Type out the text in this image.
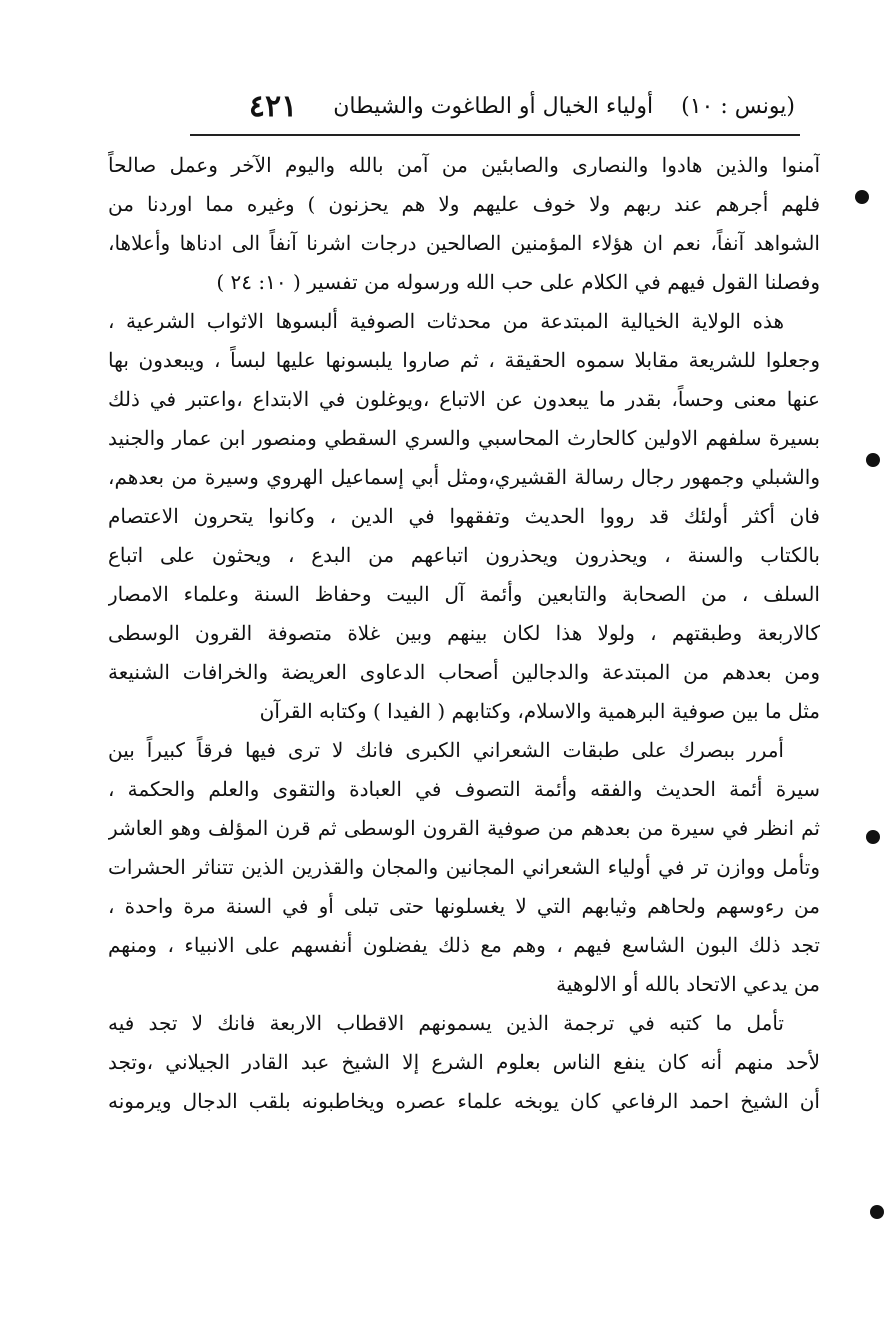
(يونس : ١٠)
أولياء الخيال أو الطاغوت والشيطان
٤٢١
آمنوا والذين هادوا والنصارى والصابئين من آمن بالله واليوم الآخر وعمل صالحاً
فلهم أجرهم عند ربهم ولا خوف عليهم ولا هم يحزنون ) وغيره مما اوردنا من
الشواهد آنفاً، نعم ان هؤلاء المؤمنين الصالحين درجات اشرنا آنفاً الى ادناها وأعلاها،
وفصلنا القول فيهم في الكلام على حب الله ورسوله من تفسير ( ١٠: ٢٤ )
هذه الولاية الخيالية المبتدعة من محدثات الصوفية ألبسوها الاثواب الشرعية ،
وجعلوا للشريعة مقابلا سموه الحقيقة ، ثم صاروا يلبسونها عليها لبساً ، ويبعدون بها
عنها معنى وحساً، بقدر ما يبعدون عن الاتباع ،ويوغلون في الابتداع ،واعتبر في ذلك
بسيرة سلفهم الاولين كالحارث المحاسبي والسري السقطي ومنصور ابن عمار والجنيد
والشبلي وجمهور رجال رسالة القشيري،ومثل أبي إسماعيل الهروي وسيرة من بعدهم،
فان أكثر أولئك قد رووا الحديث وتفقهوا في الدين ، وكانوا يتحرون الاعتصام
بالكتاب والسنة ، ويحذرون ويحذرون اتباعهم من البدع ، ويحثون على اتباع
السلف ، من الصحابة والتابعين وأئمة آل البيت وحفاظ السنة وعلماء الامصار
كالاربعة وطبقتهم ، ولولا هذا لكان بينهم وبين غلاة متصوفة القرون الوسطى
ومن بعدهم من المبتدعة والدجالين أصحاب الدعاوى العريضة والخرافات الشنيعة
مثل ما بين صوفية البرهمية والاسلام، وكتابهم ( الفيدا ) وكتابه القرآن
أمرر ببصرك على طبقات الشعراني الكبرى فانك لا ترى فيها فرقاً كبيراً بين
سيرة أئمة الحديث والفقه وأئمة التصوف في العبادة والتقوى والعلم والحكمة ،
ثم انظر في سيرة من بعدهم من صوفية القرون الوسطى ثم قرن المؤلف وهو العاشر
وتأمل ووازن تر في أولياء الشعراني المجانين والمجان والقذرين الذين تتناثر الحشرات
من رءوسهم ولحاهم وثيابهم التي لا يغسلونها حتى تبلى أو في السنة مرة واحدة ،
تجد ذلك البون الشاسع فيهم ، وهم مع ذلك يفضلون أنفسهم على الانبياء ، ومنهم
من يدعي الاتحاد بالله أو الالوهية
تأمل ما كتبه في ترجمة الذين يسمونهم الاقطاب الاربعة فانك لا تجد فيه
لأحد منهم أنه كان ينفع الناس بعلوم الشرع إلا الشيخ عبد القادر الجيلاني ،وتجد
أن الشيخ احمد الرفاعي كان يوبخه علماء عصره ويخاطبونه بلقب الدجال ويرمونه
